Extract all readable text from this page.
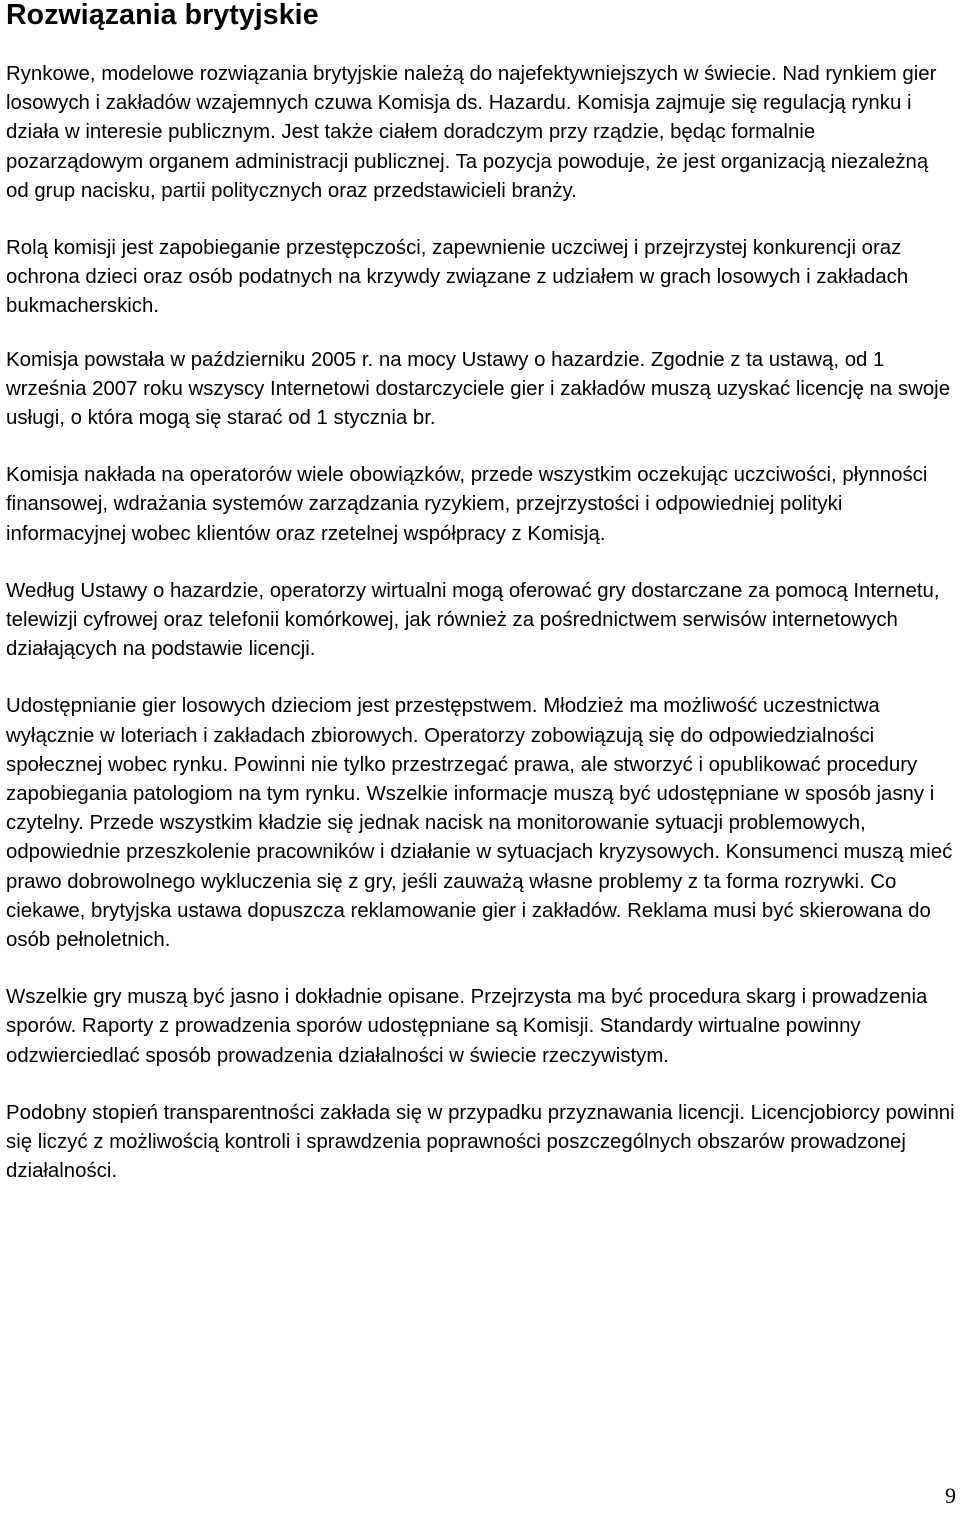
Rozwiązania brytyjskie

Rynkowe, modelowe rozwiązania brytyjskie należą do najefektywniejszych w świecie. Nad rynkiem gier losowych i zakładów wzajemnych czuwa Komisja ds. Hazardu. Komisja zajmuje się regulacją rynku i działa w interesie publicznym. Jest także ciałem doradczym przy rządzie, będąc formalnie pozarządowym organem administracji publicznej. Ta pozycja powoduje, że jest organizacją niezależną od grup nacisku, partii politycznych oraz przedstawicieli branży.

Rolą komisji jest zapobieganie przestępczości, zapewnienie uczciwej i przejrzystej konkurencji oraz ochrona dzieci oraz osób podatnych na krzywdy związane z udziałem w grach losowych i zakładach bukmacherskich.

Komisja powstała w październiku 2005 r. na mocy Ustawy o hazardzie. Zgodnie z ta ustawą, od 1 września 2007 roku wszyscy Internetowi dostarczyciele gier i zakładów muszą uzyskać licencję na swoje usługi, o która mogą się starać od 1 stycznia br.

Komisja nakłada na operatorów wiele obowiązków, przede wszystkim oczekując uczciwości, płynności finansowej, wdrażania systemów zarządzania ryzykiem, przejrzystości i odpowiedniej polityki informacyjnej wobec klientów oraz rzetelnej współpracy z Komisją.

Według Ustawy o hazardzie, operatorzy wirtualni mogą oferować gry dostarczane za pomocą Internetu, telewizji cyfrowej oraz telefonii komórkowej, jak również za pośrednictwem serwisów internetowych działających na podstawie licencji.

Udostępnianie gier losowych dzieciom jest przestępstwem. Młodzież ma możliwość uczestnictwa wyłącznie w loteriach i zakładach zbiorowych. Operatorzy zobowiązują się do odpowiedzialności społecznej wobec rynku. Powinni nie tylko przestrzegać prawa, ale stworzyć i opublikować procedury zapobiegania patologiom na tym rynku. Wszelkie informacje muszą być udostępniane w sposób jasny i czytelny. Przede wszystkim kładzie się jednak nacisk na monitorowanie sytuacji problemowych, odpowiednie przeszkolenie pracowników i działanie w sytuacjach kryzysowych. Konsumenci muszą mieć prawo dobrowolnego wykluczenia się z gry, jeśli zauważą własne problemy z ta forma rozrywki. Co ciekawe, brytyjska ustawa dopuszcza reklamowanie gier i zakładów. Reklama musi być skierowana do osób pełnoletnich.

Wszelkie gry muszą być jasno i dokładnie opisane. Przejrzysta ma być procedura skarg i prowadzenia sporów. Raporty z prowadzenia sporów udostępniane są Komisji. Standardy wirtualne powinny odzwierciedlać sposób prowadzenia działalności w świecie rzeczywistym.

Podobny stopień transparentności zakłada się w przypadku przyznawania licencji. Licencjobiorcy powinni się liczyć z możliwością kontroli i sprawdzenia poprawności poszczególnych obszarów prowadzonej działalności.

9
